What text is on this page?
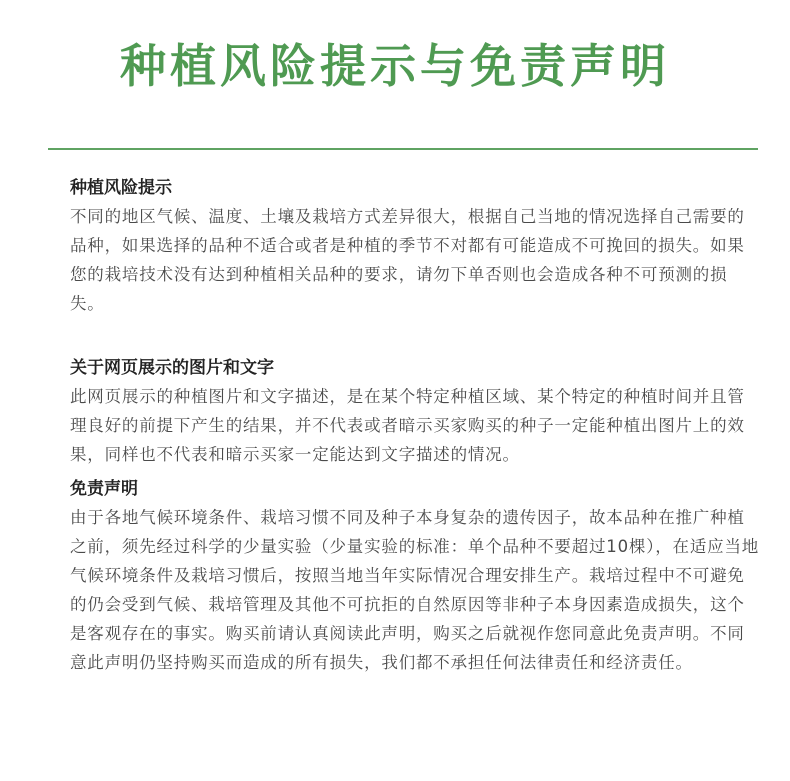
种植风险提示与免责声明

种植风险提示

不同的地区气候、温度、土壤及栽培方式差异很大，根据自己当地的情况选择自己需要的品种，如果选择的品种不适合或者是种植的季节不对都有可能造成不可挽回的损失。如果您的栽培技术没有达到种植相关品种的要求，请勿下单否则也会造成各种不可预测的损失。

关于网页展示的图片和文字

此网页展示的种植图片和文字描述，是在某个特定种植区域、某个特定的种植时间并且管理良好的前提下产生的结果，并不代表或者暗示买家购买的种子一定能种植出图片上的效果，同样也不代表和暗示买家一定能达到文字描述的情况。

免责声明

由于各地气候环境条件、栽培习惯不同及种子本身复杂的遗传因子，故本品种在推广种植之前，须先经过科学的少量实验（少量实验的标准：单个品种不要超过10棵），在适应当地气候环境条件及栽培习惯后，按照当地当年实际情况合理安排生产。栽培过程中不可避免的仍会受到气候、栽培管理及其他不可抗拒的自然原因等非种子本身因素造成损失，这个是客观存在的事实。购买前请认真阅读此声明，购买之后就视作您同意此免责声明。不同意此声明仍坚持购买而造成的所有损失，我们都不承担任何法律责任和经济责任。
